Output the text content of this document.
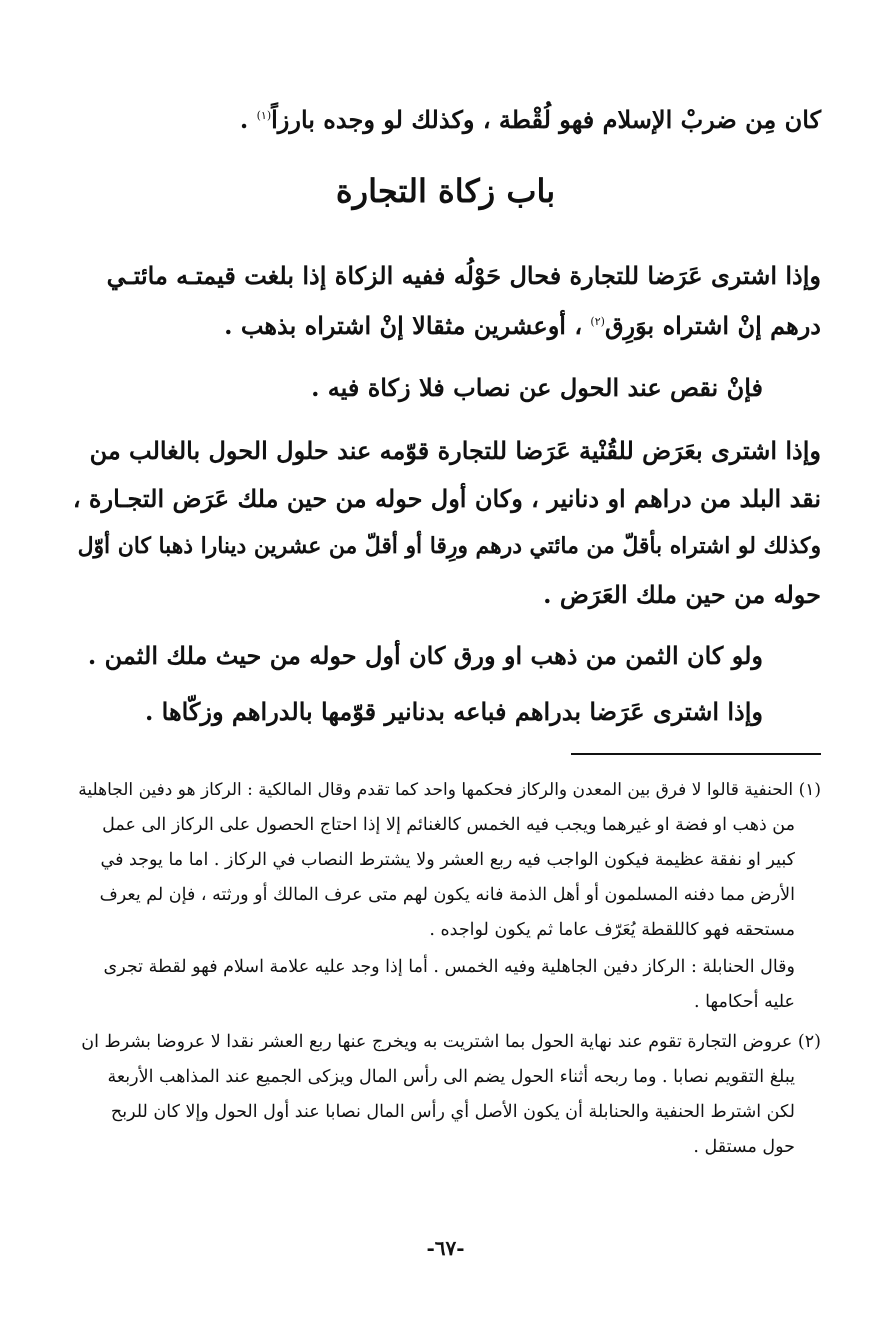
كان مِن ضربْ الإسلام فهو لُقْطة ، وكذلك لو وجده بارزاً$^{(١)}$ .
باب زكاة التجارة
وإذا اشترى عَرَضا للتجارة فحال حَوْلُه ففيه الزكاة إذا بلغت قيمتـه مائتـي
درهم إنْ اشتراه بوَرِق$^{(٢)}$ ، أوعشرين مثقالا إنْ اشتراه بذهب .
فإنْ نقص عند الحول عن نصاب فلا زكاة فيه .
وإذا اشترى بعَرَض للقُنْية عَرَضا للتجارة قوّمه عند حلول الحول بالغالب من
نقد البلد من دراهم او دنانير ، وكان أول حوله من حين ملك عَرَض التجـارة ،
وكذلك لو اشتراه بأقلّ من مائتي درهم ورِقا أو أقلّ من عشرين دينارا ذهبا كان أوّل
حوله من حين ملك العَرَض .
ولو كان الثمن من ذهب او ورق كان أول حوله من حيث ملك الثمن .
وإذا اشترى عَرَضا بدراهم فباعه بدنانير قوّمها بالدراهم وزكّاها .
(١) الحنفية قالوا لا فرق بين المعدن والركاز فحكمها واحد كما تقدم وقال المالكية : الركاز هو دفين الجاهلية
من ذهب او فضة او غيرهما ويجب فيه الخمس كالغنائم إلا إذا احتاج الحصول على الركاز الى عمل
كبير او نفقة عظيمة فيكون الواجب فيه ربع العشر ولا يشترط النصاب في الركاز . اما ما يوجد في
الأرض مما دفنه المسلمون أو أهل الذمة فانه يكون لهم متى عرف المالك أو ورثته ، فإن لم يعرف
مستحقه فهو كاللقطة يُعَرّف عاما ثم يكون لواجده .
وقال الحنابلة : الركاز دفين الجاهلية وفيه الخمس . أما إذا وجد عليه علامة اسلام فهو لقطة تجرى
عليه أحكامها .
(٢) عروض التجارة تقوم عند نهاية الحول بما اشتريت به ويخرج عنها ربع العشر نقدا لا عروضا بشرط ان
يبلغ التقويم نصابا . وما ربحه أثناء الحول يضم الى رأس المال ويزكى الجميع عند المذاهب الأربعة
لكن اشترط الحنفية والحنابلة أن يكون الأصل أي رأس المال نصابا عند أول الحول وإلا كان للربح
حول مستقل .
-٦٧-
